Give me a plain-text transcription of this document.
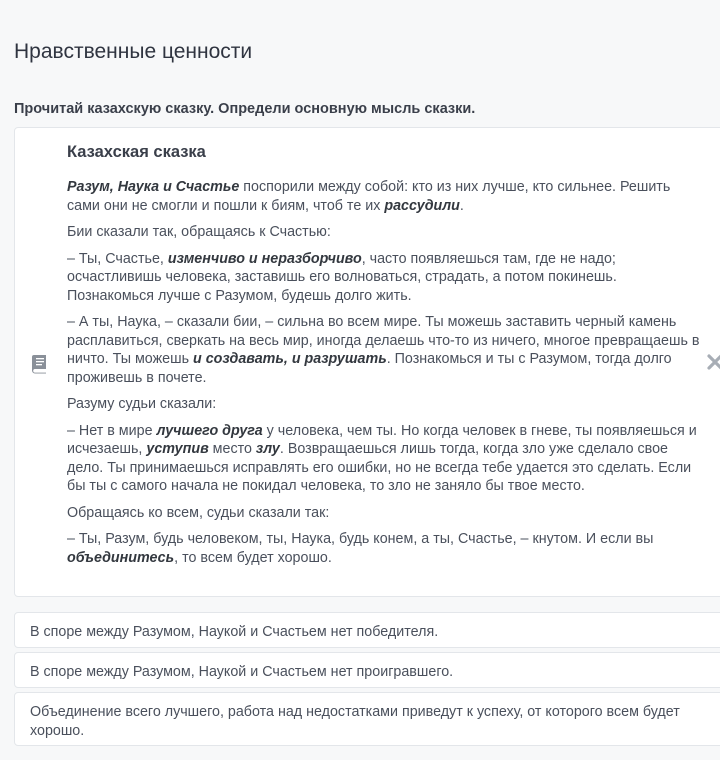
Нравственные ценности
Прочитай казахскую сказку. Определи основную мысль сказки.
Казахская сказка

Разум, Наука и Счастье поспорили между собой: кто из них лучше, кто сильнее. Решить сами они не смогли и пошли к биям, чтоб те их рассудили.

Бии сказали так, обращаясь к Счастью:

– Ты, Счастье, изменчиво и неразборчиво, часто появляешься там, где не надо; осчастливишь человека, заставишь его волноваться, страдать, а потом покинешь. Познакомься лучше с Разумом, будешь долго жить.

– А ты, Наука, – сказали бии, – сильна во всем мире. Ты можешь заставить черный камень расплавиться, сверкать на весь мир, иногда делаешь что-то из ничего, многое превращаешь в ничто. Ты можешь и создавать, и разрушать. Познакомься и ты с Разумом, тогда долго проживешь в почете.

Разуму судьи сказали:

– Нет в мире лучшего друга у человека, чем ты. Но когда человек в гневе, ты появляешься и исчезаешь, уступив место злу. Возвращаешься лишь тогда, когда зло уже сделало свое дело. Ты принимаешься исправлять его ошибки, но не всегда тебе удается это сделать. Если бы ты с самого начала не покидал человека, то зло не заняло бы твое место.

Обращаясь ко всем, судьи сказали так:

– Ты, Разум, будь человеком, ты, Наука, будь конем, а ты, Счастье, – кнутом. И если вы объединитесь, то всем будет хорошо.

В споре между Разумом, Наукой и Счастьем нет победителя.
В споре между Разумом, Наукой и Счастьем нет проигравшего.
Объединение всего лучшего, работа над недостатками приведут к успеху, от которого всем будет хорошо.
